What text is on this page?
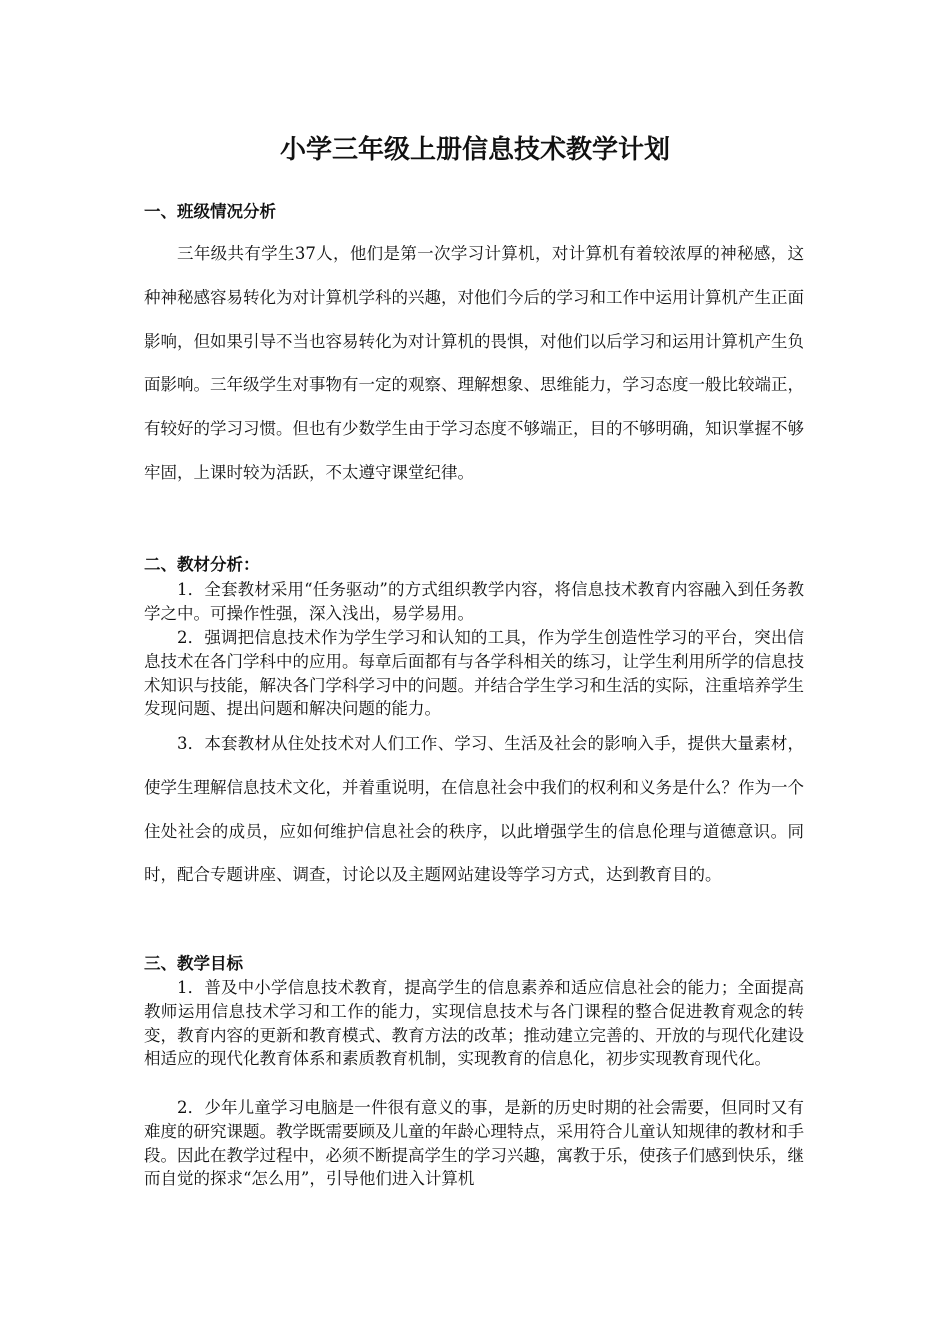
小学三年级上册信息技术教学计划
一、班级情况分析

三年级共有学生37人，他们是第一次学习计算机，对计算机有着较浓厚的神秘感，这种神秘感容易转化为对计算机学科的兴趣，对他们今后的学习和工作中运用计算机产生正面影响，但如果引导不当也容易转化为对计算机的畏惧，对他们以后学习和运用计算机产生负面影响。三年级学生对事物有一定的观察、理解想象、思维能力，学习态度一般比较端正，有较好的学习习惯。但也有少数学生由于学习态度不够端正，目的不够明确，知识掌握不够牢固，上课时较为活跃，不太遵守课堂纪律。

二、教材分析：

1．全套教材采用“任务驱动”的方式组织教学内容，将信息技术教育内容融入到任务教学之中。可操作性强，深入浅出，易学易用。

2．强调把信息技术作为学生学习和认知的工具，作为学生创造性学习的平台，突出信息技术在各门学科中的应用。每章后面都有与各学科相关的练习，让学生利用所学的信息技术知识与技能，解决各门学科学习中的问题。并结合学生学习和生活的实际，注重培养学生发现问题、提出问题和解决问题的能力。

3．本套教材从住处技术对人们工作、学习、生活及社会的影响入手，提供大量素材，使学生理解信息技术文化，并着重说明，在信息社会中我们的权利和义务是什么？作为一个住处社会的成员，应如何维护信息社会的秩序，以此增强学生的信息伦理与道德意识。同时，配合专题讲座、调查，讨论以及主题网站建设等学习方式，达到教育目的。

三、教学目标

1．普及中小学信息技术教育，提高学生的信息素养和适应信息社会的能力；全面提高教师运用信息技术学习和工作的能力，实现信息技术与各门课程的整合促进教育观念的转变，教育内容的更新和教育模式、教育方法的改革；推动建立完善的、开放的与现代化建设相适应的现代化教育体系和素质教育机制，实现教育的信息化，初步实现教育现代化。

2．少年儿童学习电脑是一件很有意义的事，是新的历史时期的社会需要，但同时又有难度的研究课题。教学既需要顾及儿童的年龄心理特点，采用符合儿童认知规律的教材和手段。因此在教学过程中，必须不断提高学生的学习兴趣，寓教于乐，使孩子们感到快乐，继而自觉的探求“怎么用”，引导他们进入计算机
